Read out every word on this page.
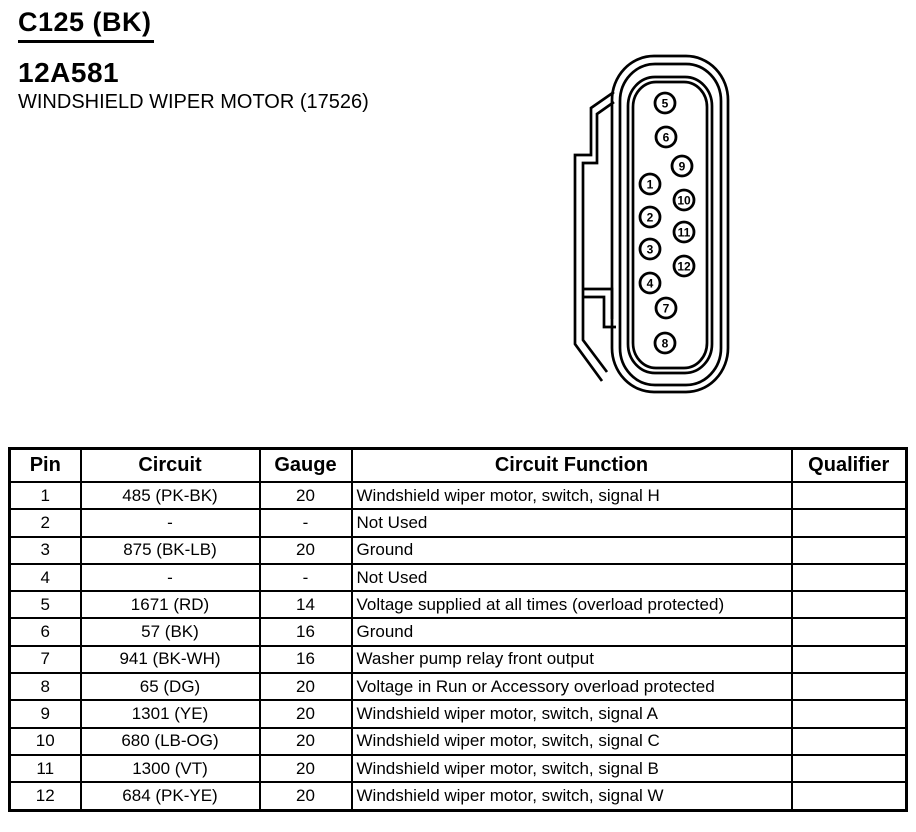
C125 (BK)
12A581
WINDSHIELD WIPER MOTOR (17526)	5
6
9
1
10
2
11
3
12
4
7
8
Pin	Circuit	Gauge	Circuit Function	Qualifier
1	485 (PK-BK)	20	Windshield wiper motor, switch, signal H	
2	-	-	Not Used	
3	875 (BK-LB)	20	Ground	
4	-	-	Not Used	
5	1671 (RD)	14	Voltage supplied at all times (overload protected)	
6	57 (BK)	16	Ground	
7	941 (BK-WH)	16	Washer pump relay front output	
8	65 (DG)	20	Voltage in Run or Accessory overload protected	
9	1301 (YE)	20	Windshield wiper motor, switch, signal A	
10	680 (LB-OG)	20	Windshield wiper motor, switch, signal C	
11	1300 (VT)	20	Windshield wiper motor, switch, signal B	
12	684 (PK-YE)	20	Windshield wiper motor, switch, signal W	
